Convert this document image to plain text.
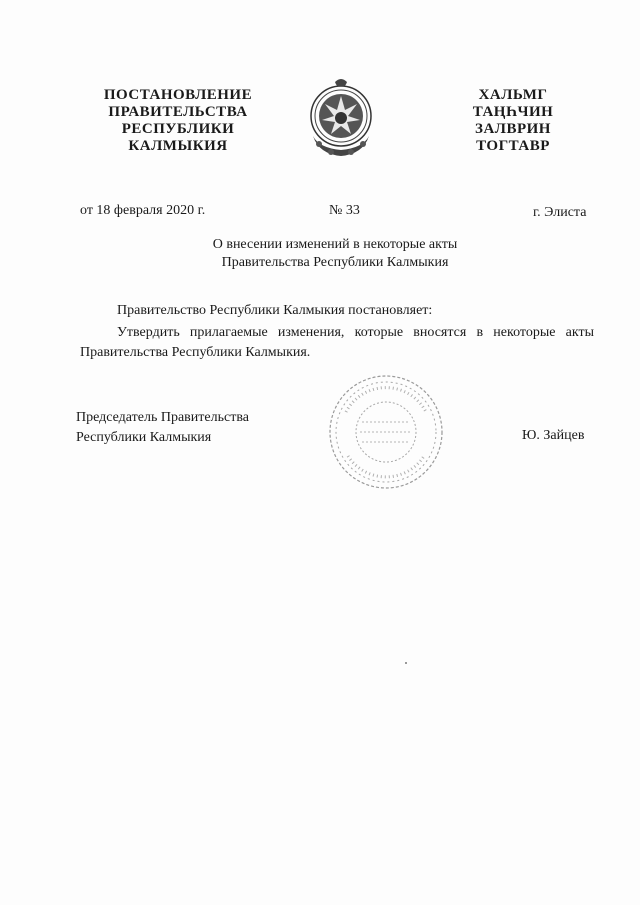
ПОСТАНОВЛЕНИЕ
ПРАВИТЕЛЬСТВА
РЕСПУБЛИКИ
КАЛМЫКИЯ
ХАЛЬМГ
ТАҢҺЧИН
ЗАЛВРИН
ТОГТАВР
от 18 февраля 2020 г.	№ 33	г. Элиста
О внесении изменений в некоторые акты
Правительства Республики Калмыкия
Правительство Республики Калмыкия постановляет:
Утвердить прилагаемые изменения, которые вносятся в некоторые акты Правительства Республики Калмыкия.
Председатель Правительства
Республики Калмыкия	Ю. Зайцев
